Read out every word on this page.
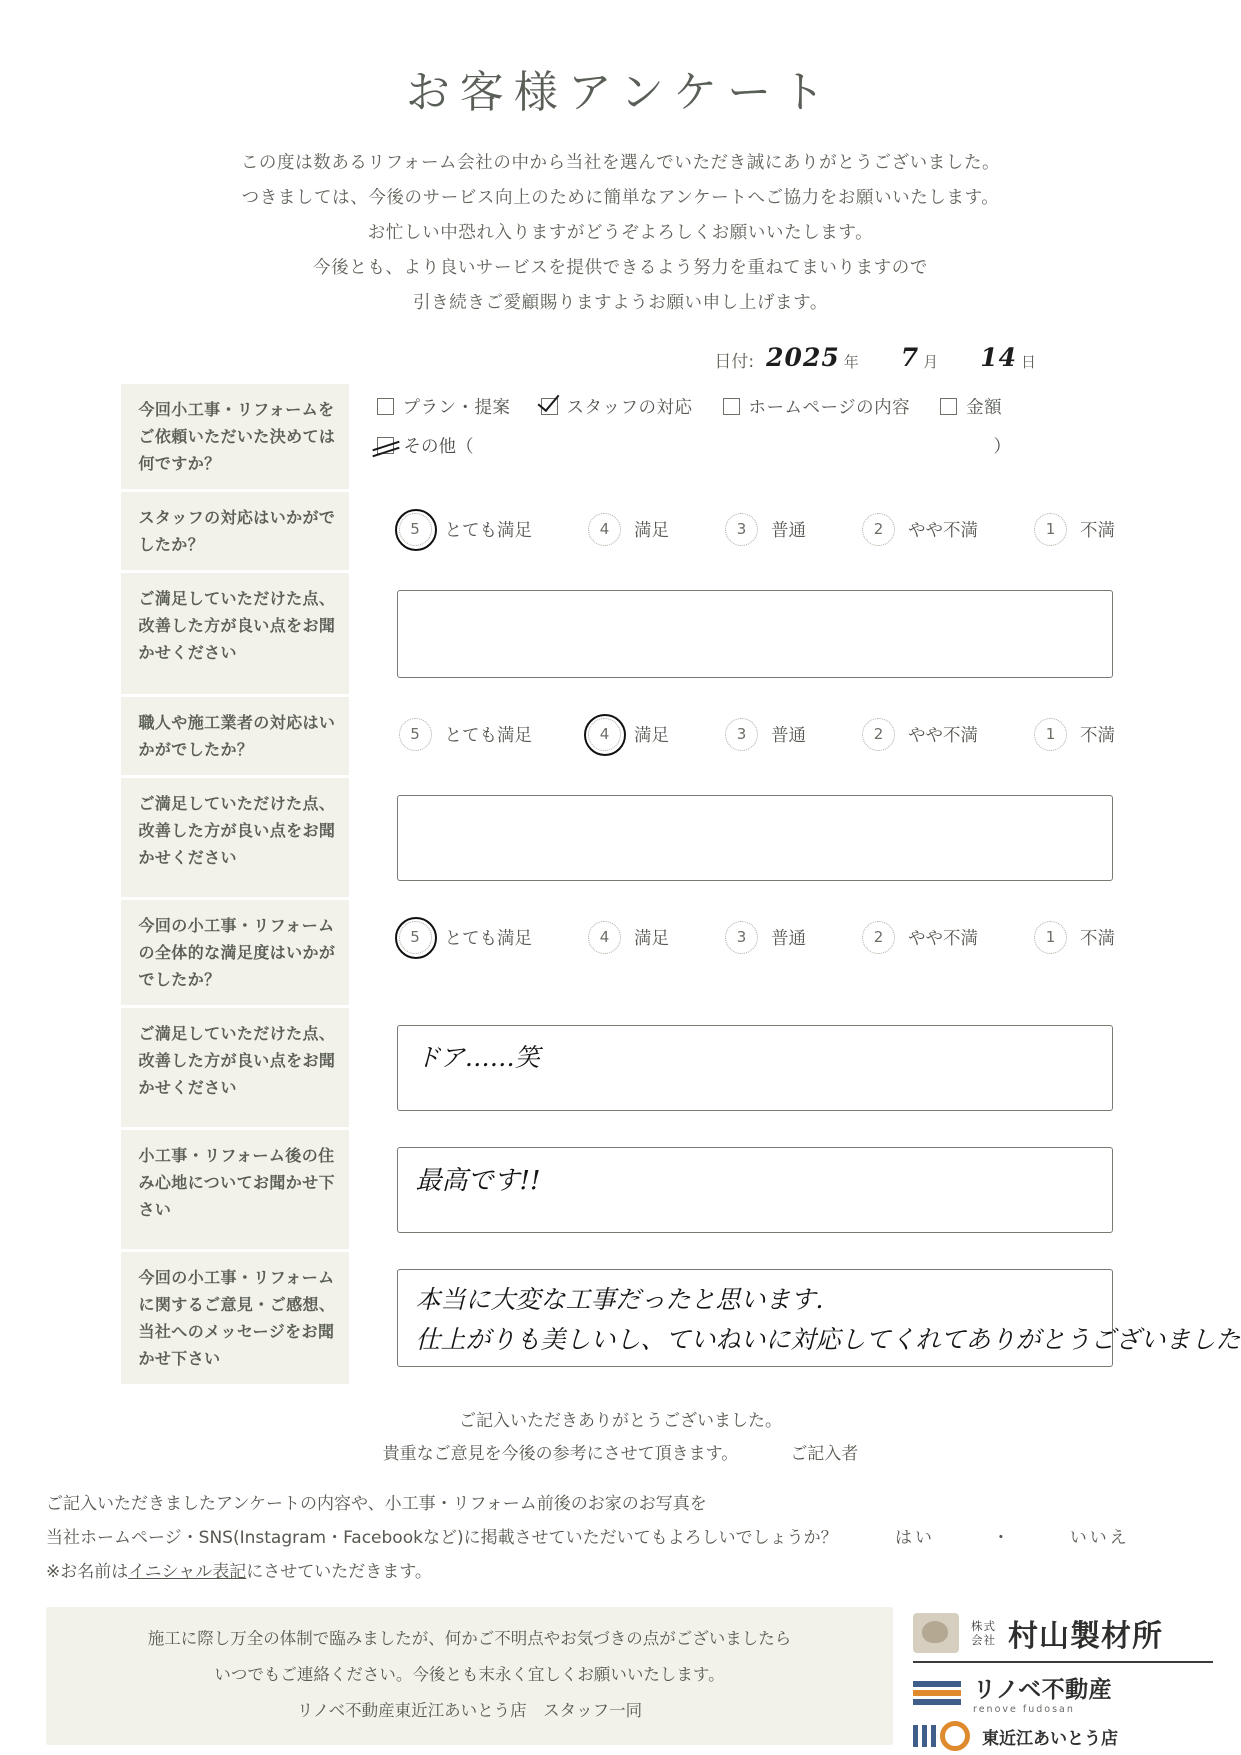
お客様アンケート
この度は数あるリフォーム会社の中から当社を選んでいただき誠にありがとうございました。
つきましては、今後のサービス向上のために簡単なアンケートへご協力をお願いいたします。
お忙しい中恐れ入りますがどうぞよろしくお願いいたします。
今後とも、より良いサービスを提供できるよう努力を重ねてまいりますので
引き続きご愛顧賜りますようお願い申し上げます。
日付: 2025 年 7 月 14 日
今回小工事・リフォームをご依頼いただいた決めては何ですか？	
プラン・提案	スタッフの対応	ホームページの内容	金額
その他（	）

スタッフの対応はいかがでしたか？	
5	とても満足	4	満足	3	普通	2	やや不満	1	不満

ご満足していただけた点、改善した方が良い点をお聞かせください	

職人や施工業者の対応はいかがでしたか？	
5	とても満足	4	満足	3	普通	2	やや不満	1	不満

ご満足していただけた点、改善した方が良い点をお聞かせください	

今回の小工事・リフォームの全体的な満足度はいかがでしたか？	
5	とても満足	4	満足	3	普通	2	やや不満	1	不満

ご満足していただけた点、改善した方が良い点をお聞かせください	ドア……笑

小工事・リフォーム後の住み心地についてお聞かせ下さい	最高です!!

今回の小工事・リフォームに関するご意見・ご感想、当社へのメッセージをお聞かせ下さい	本当に大変な工事だったと思います.
仕上がりも美しいし、ていねいに対応してくれてありがとうございました
ご記入いただきありがとうございました。
貴重なご意見を今後の参考にさせて頂きます。	ご記入者
ご記入いただきましたアンケートの内容や、小工事・リフォーム前後のお家のお写真を
当社ホームページ・SNS(Instagram・Facebookなど)に掲載させていただいてもよろしいでしょうか？	はい	・	いいえ
※お名前はイニシャル表記にさせていただきます。
施工に際し万全の体制で臨みましたが、何かご不明点やお気づきの点がございましたら
いつでもご連絡ください。今後とも末永く宜しくお願いいたします。
リノベ不動産東近江あいとう店　スタッフ一同
株式
会社 村山製材所
リノベ不動産
renove fudosan
東近江あいとう店
